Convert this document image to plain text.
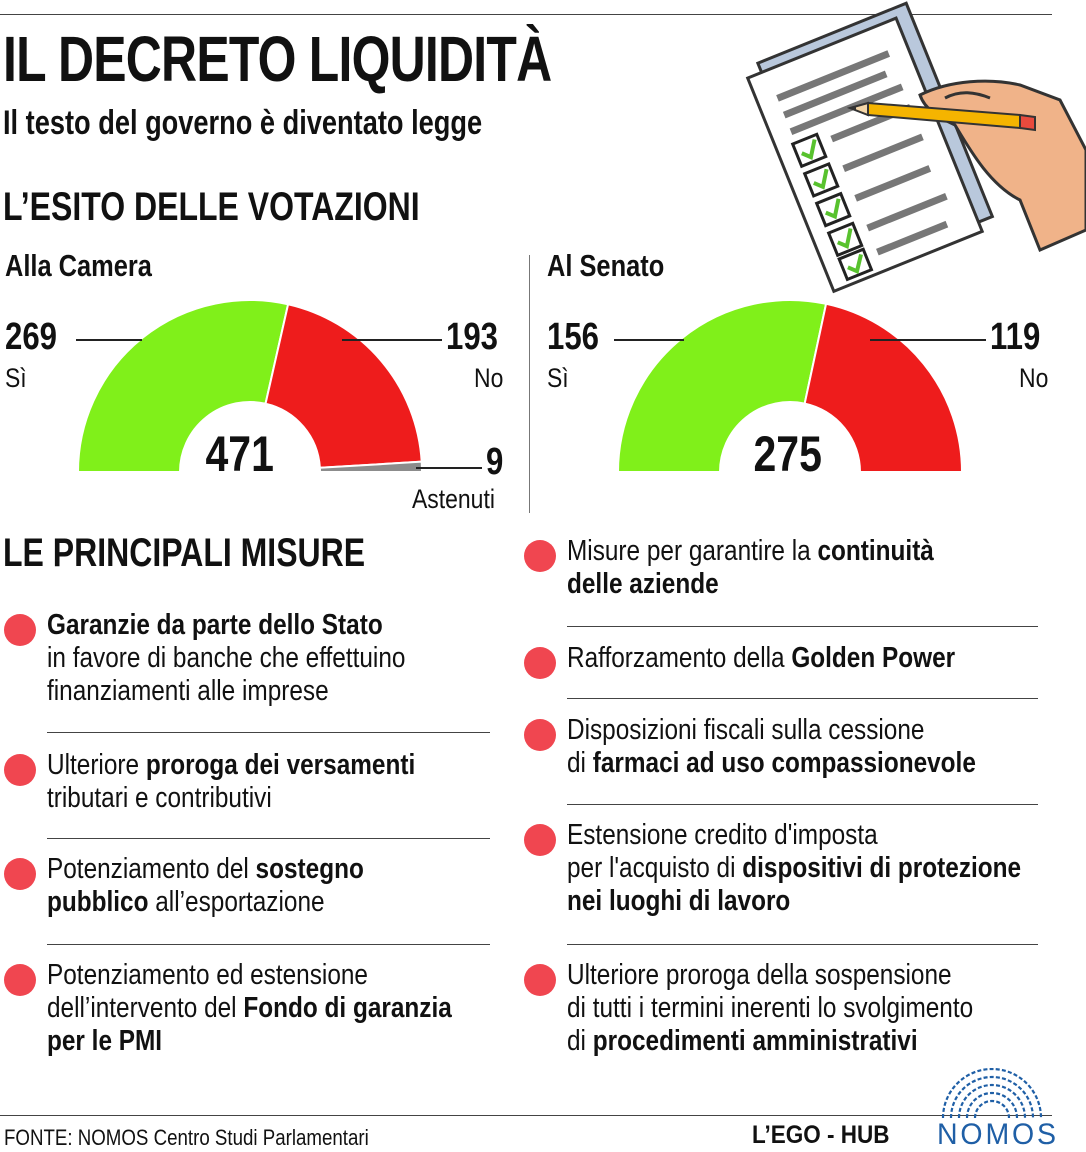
IL DECRETO LIQUIDITÀ
Il testo del governo è diventato legge
L’ESITO DELLE VOTAZIONI
Alla Camera	Al Senato
269
Sì
193
No
9
Astenuti
471
156
Sì
119
No
275
LE PRINCIPALI MISURE
Garanzie da parte dello Stato
in favore di banche che effettuino
finanziamenti alle imprese
Ulteriore proroga dei versamenti
tributari e contributivi
Potenziamento del sostegno
pubblico all’esportazione
Potenziamento ed estensione
dell’intervento del Fondo di garanzia
per le PMI
Misure per garantire la continuità
delle aziende
Rafforzamento della Golden Power
Disposizioni fiscali sulla cessione
di farmaci ad uso compassionevole
Estensione credito d'imposta
per l'acquisto di dispositivi di protezione
nei luoghi di lavoro
Ulteriore proroga della sospensione
di tutti i termini inerenti lo svolgimento
di procedimenti amministrativi
FONTE: NOMOS Centro Studi Parlamentari	L’EGO - HUB	NOMOS
